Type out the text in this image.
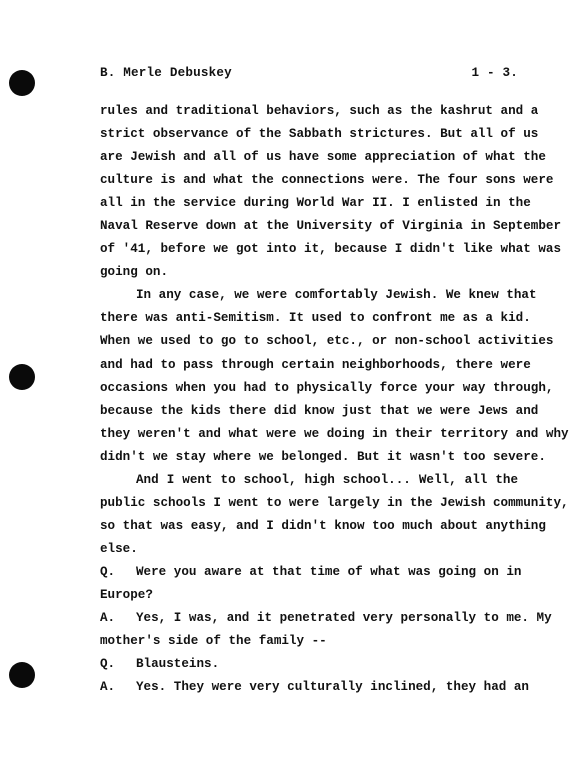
B. Merle Debuskey	1 - 3.
rules and traditional behaviors, such as the kashrut and a
strict observance of the Sabbath strictures. But all of us
are Jewish and all of us have some appreciation of what the
culture is and what the connections were. The four sons were
all in the service during World War II. I enlisted in the
Naval Reserve down at the University of Virginia in September
of '41, before we got into it, because I didn't like what was
going on.
In any case, we were comfortably Jewish. We knew that
there was anti-Semitism. It used to confront me as a kid.
When we used to go to school, etc., or non-school activities
and had to pass through certain neighborhoods, there were
occasions when you had to physically force your way through,
because the kids there did know just that we were Jews and
they weren't and what were we doing in their territory and why
didn't we stay where we belonged. But it wasn't too severe.
And I went to school, high school... Well, all the
public schools I went to were largely in the Jewish community,
so that was easy, and I didn't know too much about anything
else.
Q. Were you aware at that time of what was going on in
Europe?
A. Yes, I was, and it penetrated very personally to me. My
mother's side of the family --
Q. Blausteins.
A. Yes. They were very culturally inclined, they had an
